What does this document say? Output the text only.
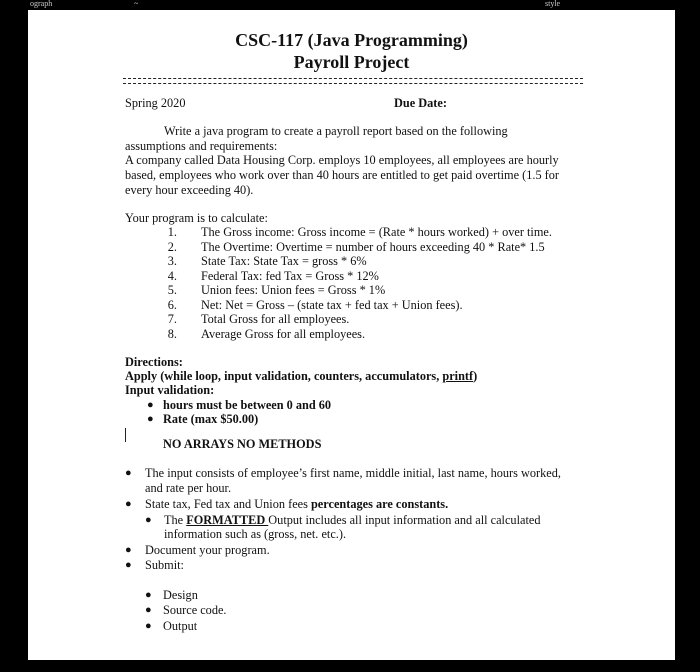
ograph	~	style
CSC-117 (Java Programming)
Payroll Project
Spring 2020	Due Date:
Write a java program to create a payroll report based on the following
assumptions and requirements:
A company called Data Housing Corp. employs 10 employees, all employees are hourly
based, employees who work over than 40 hours are entitled to get paid overtime (1.5 for
every hour exceeding 40).
Your program is to calculate:
1. The Gross income: Gross income = (Rate * hours worked) + over time.
2. The Overtime: Overtime = number of hours exceeding 40 * Rate* 1.5
3. State Tax: State Tax = gross * 6%
4. Federal Tax: fed Tax = Gross * 12%
5. Union fees: Union fees = Gross * 1%
6. Net: Net = Gross – (state tax + fed tax + Union fees).
7. Total Gross for all employees.
8. Average Gross for all employees.
Directions:
Apply (while loop, input validation, counters, accumulators, printf)
Input validation:
● hours must be between 0 and 60
● Rate (max $50.00)
NO ARRAYS NO METHODS
● The input consists of employee’s first name, middle initial, last name, hours worked,
and rate per hour.
● State tax, Fed tax and Union fees percentages are constants.
● The FORMATTED Output includes all input information and all calculated
information such as (gross, net. etc.).
● Document your program.
● Submit:
● Design
● Source code.
● Output
